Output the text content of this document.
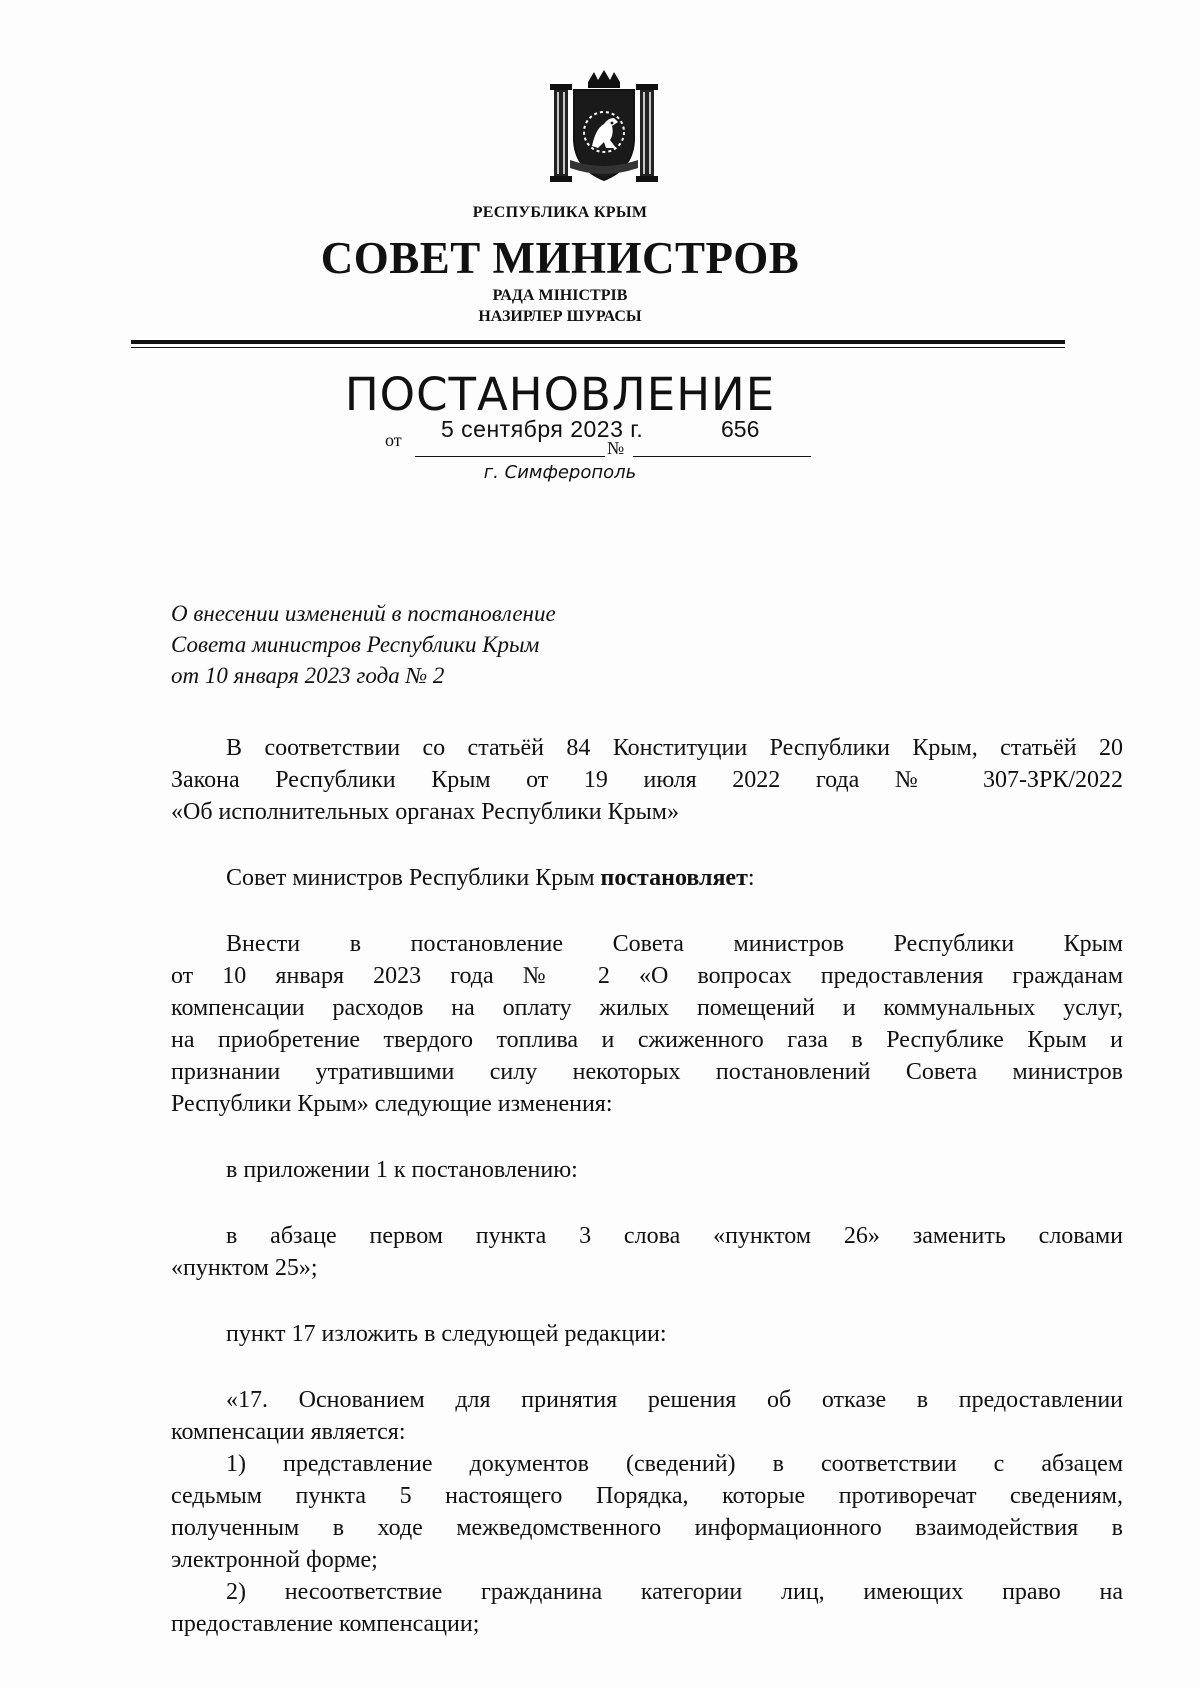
РЕСПУБЛИКА КРЫМ
СОВЕТ МИНИСТРОВ
РАДА МІНІСТРІВ
НАЗИРЛЕР ШУРАСЫ
ПОСТАНОВЛЕНИЕ
от	№
5 сентября 2023 г.	656
г. Симферополь
О внесении изменений в постановление
Совета министров Республики Крым
от 10 января 2023 года № 2
В соответствии со статьёй 84 Конституции Республики Крым, статьёй 20
Закона Республики Крым от 19 июля 2022 года № 307-ЗРК/2022
«Об исполнительных органах Республики Крым»
Совет министров Республики Крым постановляет:
Внести в постановление Совета министров Республики Крым
от 10 января 2023 года № 2 «О вопросах предоставления гражданам
компенсации расходов на оплату жилых помещений и коммунальных услуг,
на приобретение твердого топлива и сжиженного газа в Республике Крым и
признании утратившими силу некоторых постановлений Совета министров
Республики Крым» следующие изменения:
в приложении 1 к постановлению:
в абзаце первом пункта 3 слова «пунктом 26» заменить словами
«пунктом 25»;
пункт 17 изложить в следующей редакции:
«17. Основанием для принятия решения об отказе в предоставлении
компенсации является:
1) представление документов (сведений) в соответствии с абзацем
седьмым пункта 5 настоящего Порядка, которые противоречат сведениям,
полученным в ходе межведомственного информационного взаимодействия в
электронной форме;
2) несоответствие гражданина категории лиц, имеющих право на
предоставление компенсации;
